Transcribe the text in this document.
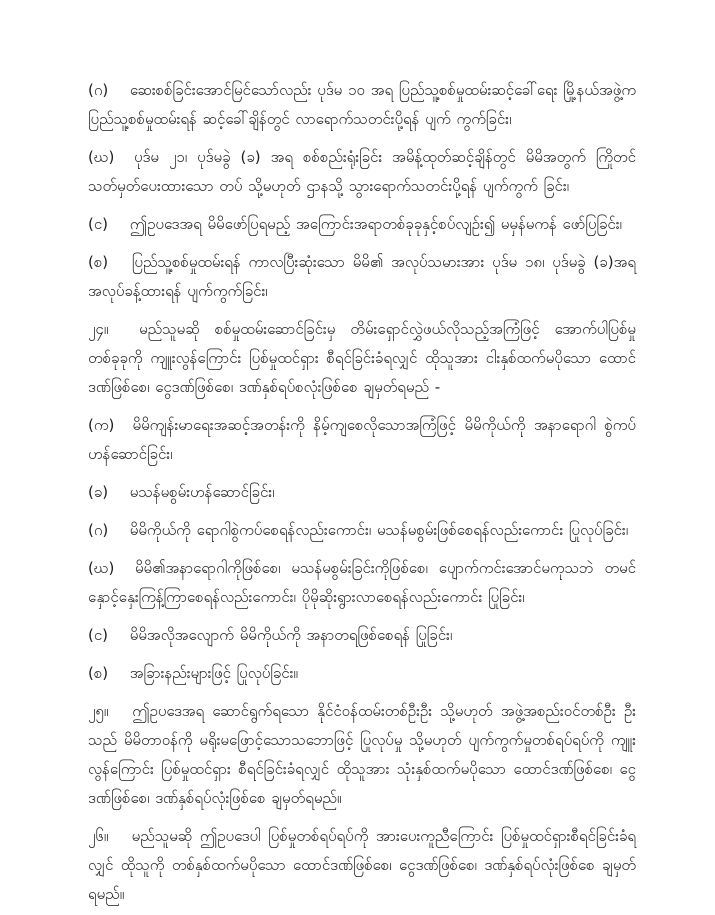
(ဂ) ဆေးစစ်ခြင်းအောင်မြင်သော်လည်း ပုဒ်မ ၁၀ အရ ပြည်သူ့စစ်မှုထမ်းဆင့်ခေါ်ရေး မြို့နယ်အဖွဲ့က ပြည်သူ့စစ်မှုထမ်းရန် ဆင့်ခေါ်ချိန်တွင် လာရောက်သတင်းပို့ရန် ပျက် ကွက်ခြင်း၊

(ဃ) ပုဒ်မ ၂၁၊ ပုဒ်မခွဲ (ခ) အရ စစ်စည်းရုံးခြင်း အမိန့်ထုတ်ဆင့်ချိန်တွင် မိမိအတွက် ကြိုတင် သတ်မှတ်ပေးထားသော တပ် သို့မဟုတ် ဌာနသို့ သွားရောက်သတင်းပို့ရန် ပျက်ကွက် ခြင်း၊

(င) ဤဥပဒေအရ မိမိဖော်ပြရမည့် အကြောင်းအရာတစ်ခုခုနှင့်စပ်လျဉ်း၍ မမှန်မကန် ဖော်ပြခြင်း၊

(စ) ပြည်သူ့စစ်မှုထမ်းရန် ကာလပြီးဆုံးသော မိမိ၏ အလုပ်သမားအား ပုဒ်မ ၁၈၊ ပုဒ်မခွဲ (ခ)အရ အလုပ်ခန့်ထားရန် ပျက်ကွက်ခြင်း၊

၂၄။ မည်သူမဆို စစ်မှုထမ်းဆောင်ခြင်းမှ တိမ်းရှောင်လွှဲဖယ်လိုသည့်အကြံဖြင့် အောက်ပါပြစ်မှု တစ်ခုခုကို ကျူးလွန်ကြောင်း ပြစ်မှုထင်ရှား စီရင်ခြင်းခံရလျှင် ထိုသူအား ငါးနှစ်ထက်မပိုသော ထောင် ဒဏ်ဖြစ်စေ၊ ငွေဒဏ်ဖြစ်စေ၊ ဒဏ်နှစ်ရပ်စလုံးဖြစ်စေ ချမှတ်ရမည် -

(က) မိမိကျန်းမာရေးအဆင့်အတန်းကို နိမ့်ကျစေလိုသောအကြံဖြင့် မိမိကိုယ်ကို အနာရောဂါ စွဲကပ် ဟန်ဆောင်ခြင်း၊

(ခ) မသန်မစွမ်းဟန်ဆောင်ခြင်း၊

(ဂ) မိမိကိုယ်ကို ရောဂါစွဲကပ်စေရန်လည်းကောင်း၊ မသန်မစွမ်းဖြစ်စေရန်လည်းကောင်း ပြုလုပ်ခြင်း၊

(ဃ) မိမိ၏အနာရောဂါကိုဖြစ်စေ၊ မသန်မစွမ်းခြင်းကိုဖြစ်စေ၊ ပျောက်ကင်းအောင်မကုသဘဲ တမင် နှောင့်နှေးကြန့်ကြာစေရန်လည်းကောင်း၊ ပိုမိုဆိုးရွားလာစေရန်လည်းကောင်း ပြုခြင်း၊

(င) မိမိအလိုအလျောက် မိမိကိုယ်ကို အနာတရဖြစ်စေရန် ပြုခြင်း၊

(စ) အခြားနည်းများဖြင့် ပြုလုပ်ခြင်း။

၂၅။ ဤဥပဒေအရ ဆောင်ရွက်ရသော နိုင်ငံဝန်ထမ်းတစ်ဦးဦး သို့မဟုတ် အဖွဲ့အစည်းဝင်တစ်ဦး ဦးသည် မိမိတာဝန်ကို မရိုးမဖြောင့်သောသဘောဖြင့် ပြုလုပ်မှု သို့မဟုတ် ပျက်ကွက်မှုတစ်ရပ်ရပ်ကို ကျူး လွန်ကြောင်း ပြစ်မှုထင်ရှား စီရင်ခြင်းခံရလျှင် ထိုသူအား သုံးနှစ်ထက်မပိုသော ထောင်ဒဏ်ဖြစ်စေ၊ ငွေ ဒဏ်ဖြစ်စေ၊ ဒဏ်နှစ်ရပ်လုံးဖြစ်စေ ချမှတ်ရမည်။

၂၆။ မည်သူမဆို ဤဥပဒေပါ ပြစ်မှုတစ်ရပ်ရပ်ကို အားပေးကူညီကြောင်း ပြစ်မှုထင်ရှားစီရင်ခြင်းခံရ လျှင် ထိုသူကို တစ်နှစ်ထက်မပိုသော ထောင်ဒဏ်ဖြစ်စေ၊ ငွေဒဏ်ဖြစ်စေ၊ ဒဏ်နှစ်ရပ်လုံးဖြစ်စေ ချမှတ် ရမည်။
